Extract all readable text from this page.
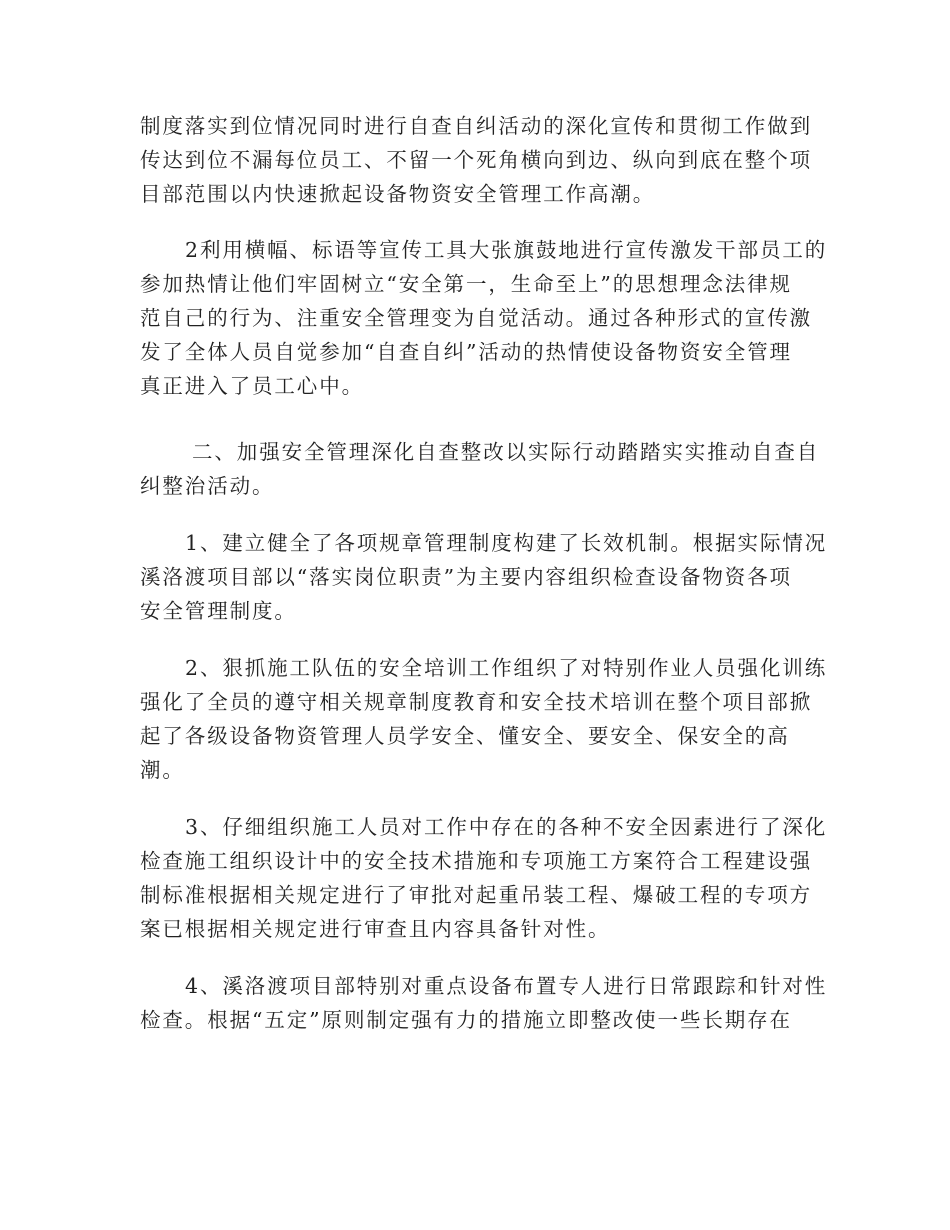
制度落实到位情况同时进行自查自纠活动的深化宣传和贯彻工作做到
传达到位不漏每位员工、不留一个死角横向到边、纵向到底在整个项
目部范围以内快速掀起设备物资安全管理工作高潮。
2利用横幅、标语等宣传工具大张旗鼓地进行宣传激发干部员工的
参加热情让他们牢固树立“安全第一，生命至上”的思想理念法律规
范自己的行为、注重安全管理变为自觉活动。通过各种形式的宣传激
发了全体人员自觉参加“自查自纠”活动的热情使设备物资安全管理
真正进入了员工心中。
二、加强安全管理深化自查整改以实际行动踏踏实实推动自查自
纠整治活动。
1、建立健全了各项规章管理制度构建了长效机制。根据实际情况
溪洛渡项目部以“落实岗位职责”为主要内容组织检查设备物资各项
安全管理制度。
2、狠抓施工队伍的安全培训工作组织了对特别作业人员强化训练
强化了全员的遵守相关规章制度教育和安全技术培训在整个项目部掀
起了各级设备物资管理人员学安全、懂安全、要安全、保安全的高
潮。
3、仔细组织施工人员对工作中存在的各种不安全因素进行了深化
检查施工组织设计中的安全技术措施和专项施工方案符合工程建设强
制标准根据相关规定进行了审批对起重吊装工程、爆破工程的专项方
案已根据相关规定进行审查且内容具备针对性。
4、溪洛渡项目部特别对重点设备布置专人进行日常跟踪和针对性
检查。根据“五定”原则制定强有力的措施立即整改使一些长期存在
